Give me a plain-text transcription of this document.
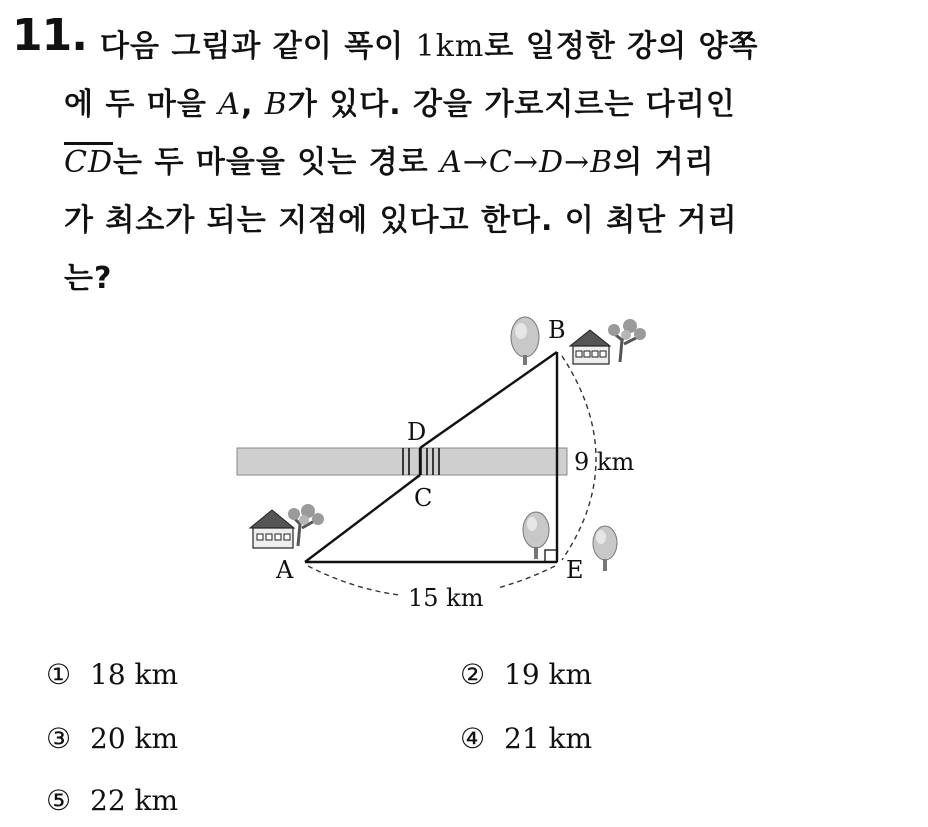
11. 다음 그림과 같이 폭이 1km로 일정한 강의 양쪽
에 두 마을 A, B가 있다. 강을 가로지르는 다리인
$\overline{CD}$는 두 마을을 잇는 경로 A→C→D→B의 거리
가 최소가 되는 지점에 있다고 한다. 이 최단 거리
는?
B
D
C
A	E
9 km
15 km
① 18 km	② 19 km
③ 20 km	④ 21 km
⑤ 22 km
